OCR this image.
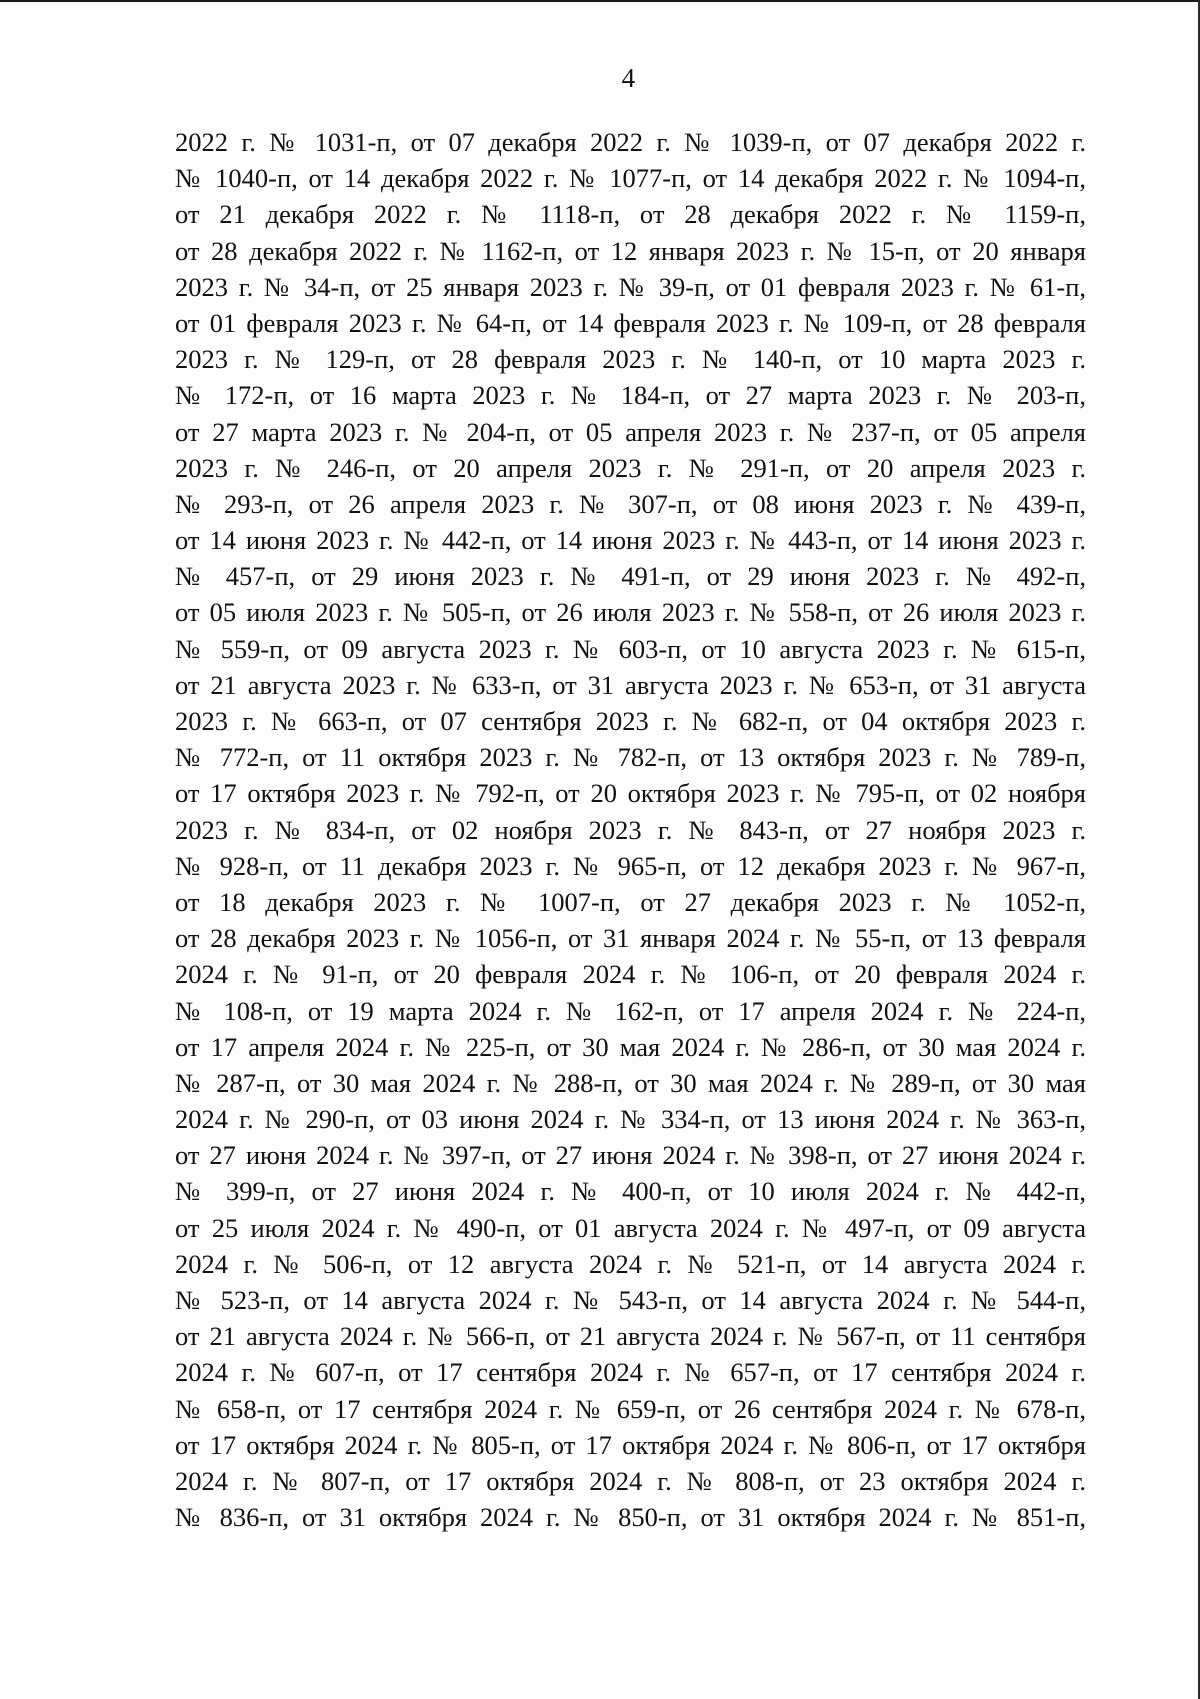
4
2022 г. № 1031-п, от 07 декабря 2022 г. № 1039-п, от 07 декабря 2022 г.
№ 1040-п, от 14 декабря 2022 г. № 1077-п, от 14 декабря 2022 г. № 1094-п,
от 21 декабря 2022 г. № 1118-п, от 28 декабря 2022 г. № 1159-п,
от 28 декабря 2022 г. № 1162-п, от 12 января 2023 г. № 15-п, от 20 января
2023 г. № 34-п, от 25 января 2023 г. № 39-п, от 01 февраля 2023 г. № 61-п,
от 01 февраля 2023 г. № 64-п, от 14 февраля 2023 г. № 109-п, от 28 февраля
2023 г. № 129-п, от 28 февраля 2023 г. № 140-п, от 10 марта 2023 г.
№ 172-п, от 16 марта 2023 г. № 184-п, от 27 марта 2023 г. № 203-п,
от 27 марта 2023 г. № 204-п, от 05 апреля 2023 г. № 237-п, от 05 апреля
2023 г. № 246-п, от 20 апреля 2023 г. № 291-п, от 20 апреля 2023 г.
№ 293-п, от 26 апреля 2023 г. № 307-п, от 08 июня 2023 г. № 439-п,
от 14 июня 2023 г. № 442-п, от 14 июня 2023 г. № 443-п, от 14 июня 2023 г.
№ 457-п, от 29 июня 2023 г. № 491-п, от 29 июня 2023 г. № 492-п,
от 05 июля 2023 г. № 505-п, от 26 июля 2023 г. № 558-п, от 26 июля 2023 г.
№ 559-п, от 09 августа 2023 г. № 603-п, от 10 августа 2023 г. № 615-п,
от 21 августа 2023 г. № 633-п, от 31 августа 2023 г. № 653-п, от 31 августа
2023 г. № 663-п, от 07 сентября 2023 г. № 682-п, от 04 октября 2023 г.
№ 772-п, от 11 октября 2023 г. № 782-п, от 13 октября 2023 г. № 789-п,
от 17 октября 2023 г. № 792-п, от 20 октября 2023 г. № 795-п, от 02 ноября
2023 г. № 834-п, от 02 ноября 2023 г. № 843-п, от 27 ноября 2023 г.
№ 928-п, от 11 декабря 2023 г. № 965-п, от 12 декабря 2023 г. № 967-п,
от 18 декабря 2023 г. № 1007-п, от 27 декабря 2023 г. № 1052-п,
от 28 декабря 2023 г. № 1056-п, от 31 января 2024 г. № 55-п, от 13 февраля
2024 г. № 91-п, от 20 февраля 2024 г. № 106-п, от 20 февраля 2024 г.
№ 108-п, от 19 марта 2024 г. № 162-п, от 17 апреля 2024 г. № 224-п,
от 17 апреля 2024 г. № 225-п, от 30 мая 2024 г. № 286-п, от 30 мая 2024 г.
№ 287-п, от 30 мая 2024 г. № 288-п, от 30 мая 2024 г. № 289-п, от 30 мая
2024 г. № 290-п, от 03 июня 2024 г. № 334-п, от 13 июня 2024 г. № 363-п,
от 27 июня 2024 г. № 397-п, от 27 июня 2024 г. № 398-п, от 27 июня 2024 г.
№ 399-п, от 27 июня 2024 г. № 400-п, от 10 июля 2024 г. № 442-п,
от 25 июля 2024 г. № 490-п, от 01 августа 2024 г. № 497-п, от 09 августа
2024 г. № 506-п, от 12 августа 2024 г. № 521-п, от 14 августа 2024 г.
№ 523-п, от 14 августа 2024 г. № 543-п, от 14 августа 2024 г. № 544-п,
от 21 августа 2024 г. № 566-п, от 21 августа 2024 г. № 567-п, от 11 сентября
2024 г. № 607-п, от 17 сентября 2024 г. № 657-п, от 17 сентября 2024 г.
№ 658-п, от 17 сентября 2024 г. № 659-п, от 26 сентября 2024 г. № 678-п,
от 17 октября 2024 г. № 805-п, от 17 октября 2024 г. № 806-п, от 17 октября
2024 г. № 807-п, от 17 октября 2024 г. № 808-п, от 23 октября 2024 г.
№ 836-п, от 31 октября 2024 г. № 850-п, от 31 октября 2024 г. № 851-п,
